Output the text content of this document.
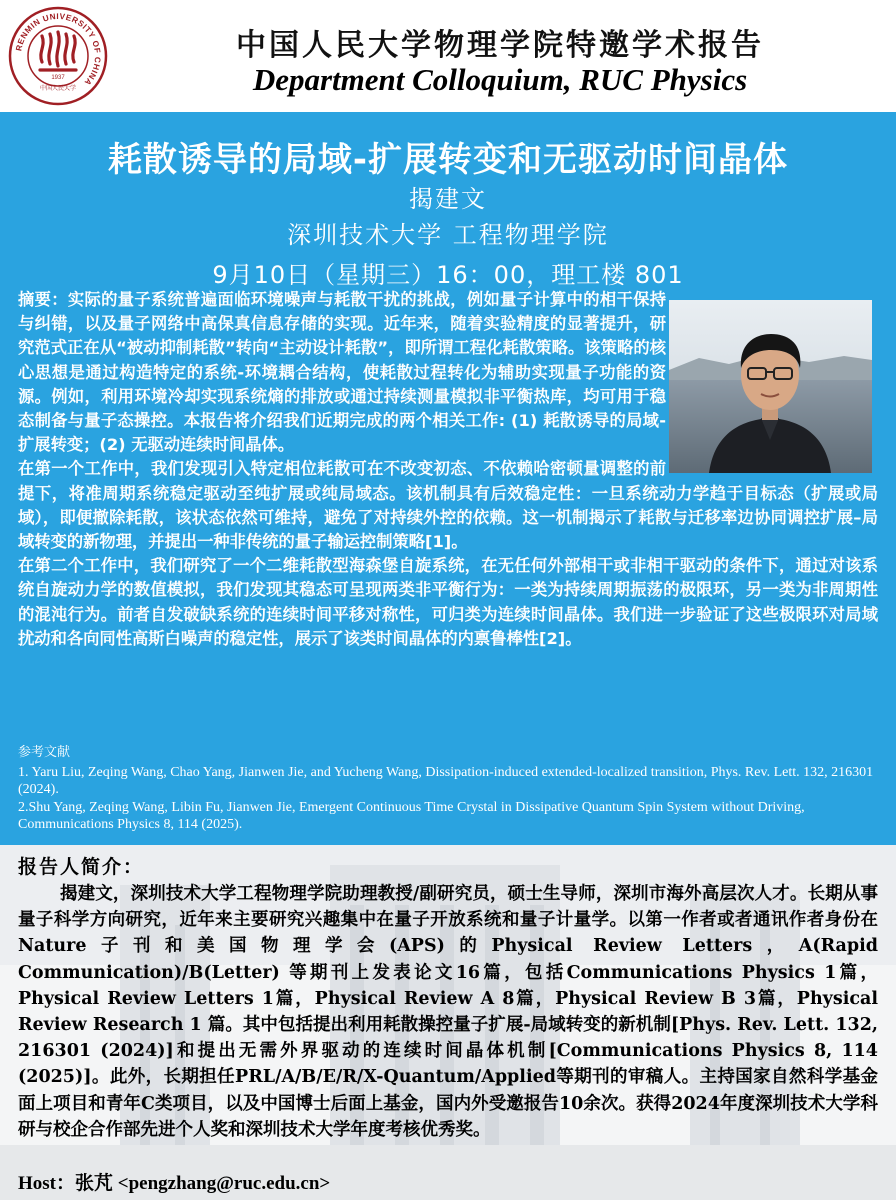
RENMIN UNIVERSITY OF CHINA
1937
中国人民大学
中国人民大学物理学院特邀学术报告
Department Colloquium, RUC Physics
耗散诱导的局域-扩展转变和无驱动时间晶体
揭建文
深圳技术大学 工程物理学院
9月10日（星期三）16：00，理工楼 801

摘要：实际的量子系统普遍面临环境噪声与耗散干扰的挑战，例如量子计算中的相干保持与纠错，以及量子网络中高保真信息存储的实现。近年来，随着实验精度的显著提升，研究范式正在从“被动抑制耗散”转向“主动设计耗散”，即所谓工程化耗散策略。该策略的核心思想是通过构造特定的系统-环境耦合结构，使耗散过程转化为辅助实现量子功能的资源。例如，利用环境冷却实现系统熵的排放或通过持续测量模拟非平衡热库，均可用于稳态制备与量子态操控。本报告将介绍我们近期完成的两个相关工作: (1) 耗散诱导的局域-扩展转变；(2) 无驱动连续时间晶体。

在第一个工作中，我们发现引入特定相位耗散可在不改变初态、不依赖哈密顿量调整的前提下，将准周期系统稳定驱动至纯扩展或纯局域态。该机制具有后效稳定性：一旦系统动力学趋于目标态（扩展或局域），即便撤除耗散，该状态依然可维持，避免了对持续外控的依赖。这一机制揭示了耗散与迁移率边协同调控扩展–局域转变的新物理，并提出一种非传统的量子输运控制策略[1]。

在第二个工作中，我们研究了一个二维耗散型海森堡自旋系统，在无任何外部相干或非相干驱动的条件下，通过对该系统自旋动力学的数值模拟，我们发现其稳态可呈现两类非平衡行为：一类为持续周期振荡的极限环，另一类为非周期性的混沌行为。前者自发破缺系统的连续时间平移对称性，可归类为连续时间晶体。我们进一步验证了这些极限环对局域扰动和各向同性高斯白噪声的稳定性，展示了该类时间晶体的内禀鲁棒性[2]。

参考文献
1. Yaru Liu, Zeqing Wang, Chao Yang, Jianwen Jie, and Yucheng Wang, Dissipation-induced extended-localized transition, Phys. Rev. Lett. 132, 216301 (2024).
2.Shu Yang, Zeqing Wang, Libin Fu, Jianwen Jie, Emergent Continuous Time Crystal in Dissipative Quantum Spin System without Driving, Communications Physics 8, 114 (2025).
报告人简介：
揭建文，深圳技术大学工程物理学院助理教授/副研究员，硕士生导师，深圳市海外高层次人才。长期从事量子科学方向研究，近年来主要研究兴趣集中在量子开放系统和量子计量学。以第一作者或者通讯作者身份在Nature子刊和美国物理学会(APS)的Physical Review Letters，A(Rapid Communication)/B(Letter) 等期刊上发表论文16篇，包括Communications Physics 1篇，Physical Review Letters 1篇，Physical Review A 8篇，Physical Review B 3篇，Physical Review Research 1 篇。其中包括提出利用耗散操控量子扩展-局域转变的新机制[Phys. Rev. Lett. 132, 216301 (2024)]和提出无需外界驱动的连续时间晶体机制[Communications Physics 8, 114 (2025)]。此外，长期担任PRL/A/B/E/R/X-Quantum/Applied等期刊的审稿人。主持国家自然科学基金面上项目和青年C类项目，以及中国博士后面上基金，国内外受邀报告10余次。获得2024年度深圳技术大学科研与校企合作部先进个人奖和深圳技术大学年度考核优秀奖。
Host：张芃 <pengzhang@ruc.edu.cn>
